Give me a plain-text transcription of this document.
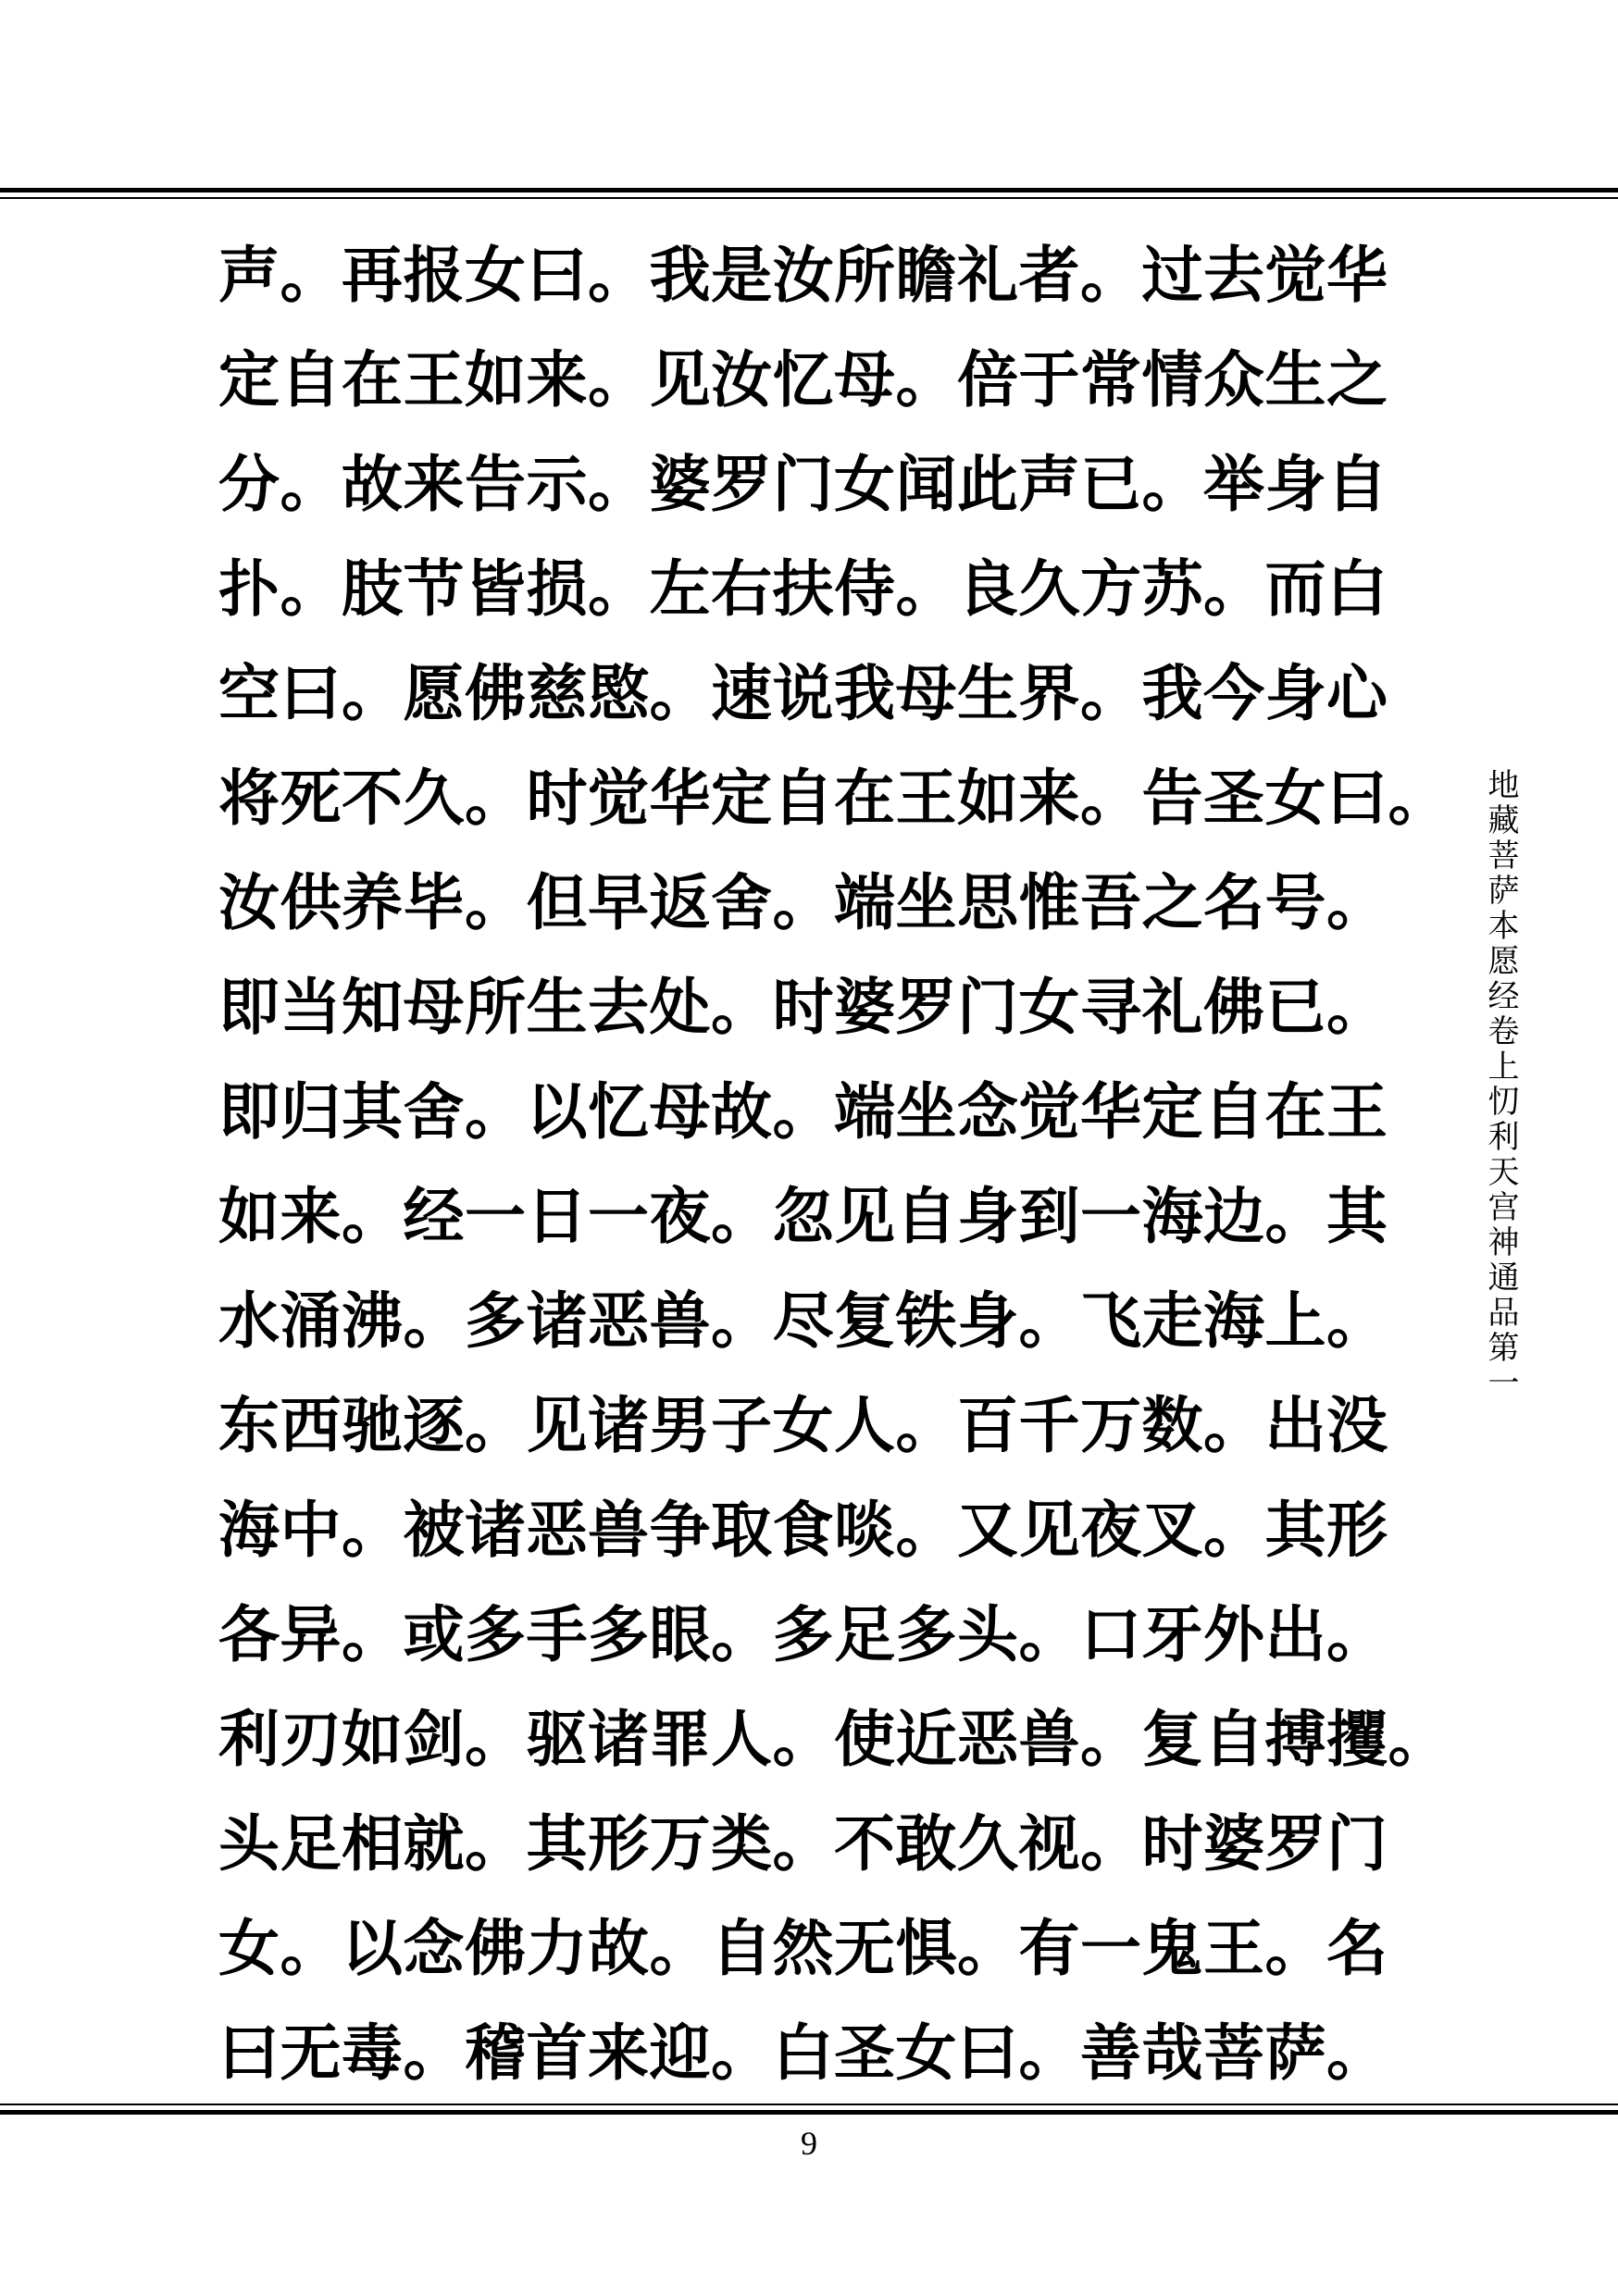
声。再报女曰。我是汝所瞻礼者。过去觉华
定自在王如来。见汝忆母。倍于常情众生之
分。故来告示。婆罗门女闻此声已。举身自
扑。肢节皆损。左右扶侍。良久方苏。而白
空曰。愿佛慈愍。速说我母生界。我今身心
将死不久。时觉华定自在王如来。告圣女曰。
汝供养毕。但早返舍。端坐思惟吾之名号。
即当知母所生去处。时婆罗门女寻礼佛已。
即归其舍。以忆母故。端坐念觉华定自在王
如来。经一日一夜。忽见自身到一海边。其
水涌沸。多诸恶兽。尽复铁身。飞走海上。
东西驰逐。见诸男子女人。百千万数。出没
海中。被诸恶兽争取食啖。又见夜叉。其形
各异。或多手多眼。多足多头。口牙外出。
利刃如剑。驱诸罪人。使近恶兽。复自搏攫。
头足相就。其形万类。不敢久视。时婆罗门
女。以念佛力故。自然无惧。有一鬼王。名
曰无毒。稽首来迎。白圣女曰。善哉菩萨。
地藏菩萨本愿经卷上忉利天宫神通品第一
9
